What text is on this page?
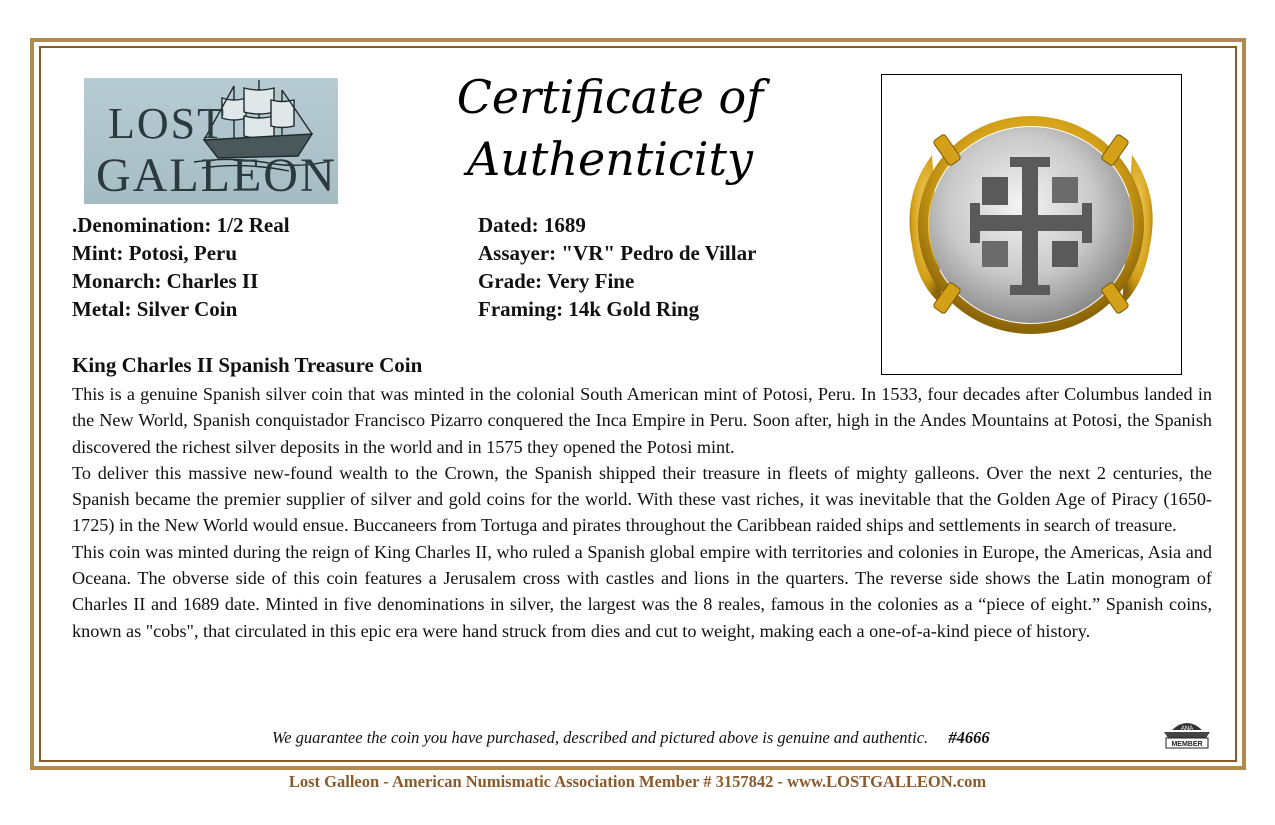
LOST
GALLEON
Certificate of
Authenticity
.Denomination: 1/2 Real
Mint: Potosi, Peru
Monarch: Charles II
Metal: Silver Coin
Dated: 1689
Assayer: "VR" Pedro de Villar
Grade: Very Fine
Framing: 14k Gold Ring
King Charles II Spanish Treasure Coin

This is a genuine Spanish silver coin that was minted in the colonial South American mint of Potosi, Peru. In 1533, four decades after Columbus landed in the New World, Spanish conquistador Francisco Pizarro conquered the Inca Empire in Peru. Soon after, high in the Andes Mountains at Potosi, the Spanish discovered the richest silver deposits in the world and in 1575 they opened the Potosi mint.

To deliver this massive new-found wealth to the Crown, the Spanish shipped their treasure in fleets of mighty galleons. Over the next 2 centuries, the Spanish became the premier supplier of silver and gold coins for the world. With these vast riches, it was inevitable that the Golden Age of Piracy (1650-1725) in the New World would ensue. Buccaneers from Tortuga and pirates throughout the Caribbean raided ships and settlements in search of treasure.

This coin was minted during the reign of King Charles II, who ruled a Spanish global empire with territories and colonies in Europe, the Americas, Asia and Oceana. The obverse side of this coin features a Jerusalem cross with castles and lions in the quarters. The reverse side shows the Latin monogram of Charles II and 1689 date. Minted in five denominations in silver, the largest was the 8 reales, famous in the colonies as a “piece of eight.” Spanish coins, known as "cobs", that circulated in this epic era were hand struck from dies and cut to weight, making each a one-of-a-kind piece of history.

We guarantee the coin you have purchased, described and pictured above is genuine and authentic. #4666	ANA
MEMBER
Lost Galleon - American Numismatic Association Member # 3157842 - www.LOSTGALLEON.com
